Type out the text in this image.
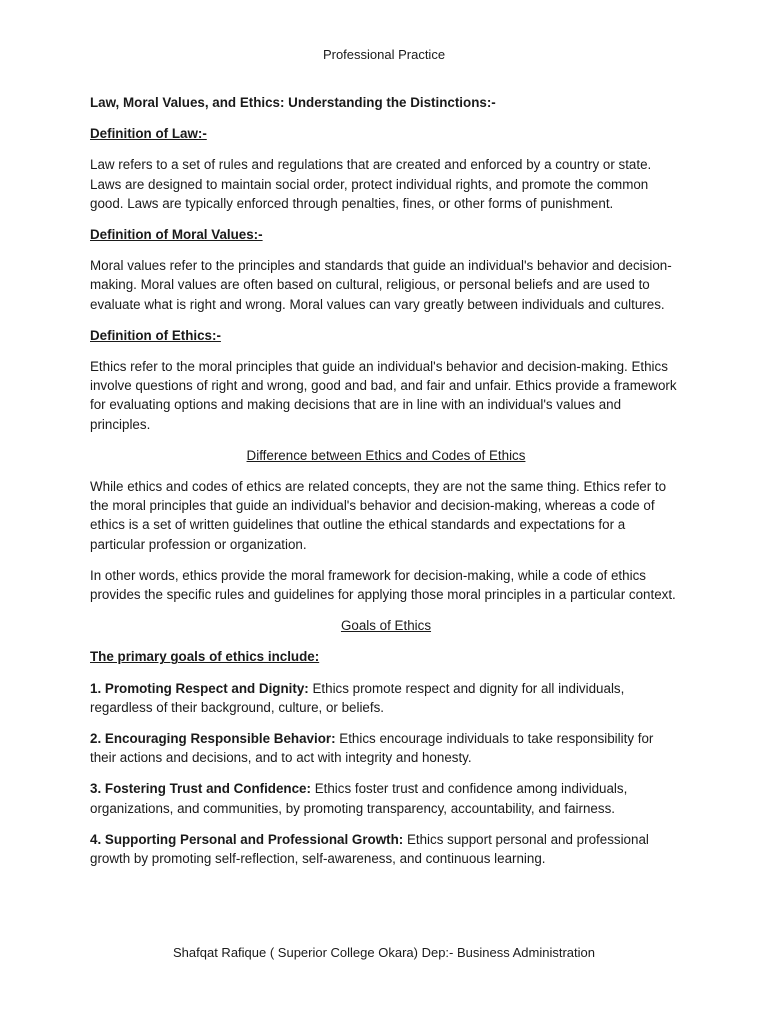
Professional Practice

Law, Moral Values, and Ethics: Understanding the Distinctions:-

Definition of Law:-

Law refers to a set of rules and regulations that are created and enforced by a country or state. Laws are designed to maintain social order, protect individual rights, and promote the common good. Laws are typically enforced through penalties, fines, or other forms of punishment.

Definition of Moral Values:-

Moral values refer to the principles and standards that guide an individual's behavior and decision-making. Moral values are often based on cultural, religious, or personal beliefs and are used to evaluate what is right and wrong. Moral values can vary greatly between individuals and cultures.

Definition of Ethics:-

Ethics refer to the moral principles that guide an individual's behavior and decision-making. Ethics involve questions of right and wrong, good and bad, and fair and unfair. Ethics provide a framework for evaluating options and making decisions that are in line with an individual's values and principles.

Difference between Ethics and Codes of Ethics

While ethics and codes of ethics are related concepts, they are not the same thing. Ethics refer to the moral principles that guide an individual's behavior and decision-making, whereas a code of ethics is a set of written guidelines that outline the ethical standards and expectations for a particular profession or organization.

In other words, ethics provide the moral framework for decision-making, while a code of ethics provides the specific rules and guidelines for applying those moral principles in a particular context.

Goals of Ethics

The primary goals of ethics include:

1. Promoting Respect and Dignity: Ethics promote respect and dignity for all individuals, regardless of their background, culture, or beliefs.

2. Encouraging Responsible Behavior: Ethics encourage individuals to take responsibility for their actions and decisions, and to act with integrity and honesty.

3. Fostering Trust and Confidence: Ethics foster trust and confidence among individuals, organizations, and communities, by promoting transparency, accountability, and fairness.

4. Supporting Personal and Professional Growth: Ethics support personal and professional growth by promoting self-reflection, self-awareness, and continuous learning.

Shafqat Rafique ( Superior College Okara) Dep:- Business Administration
